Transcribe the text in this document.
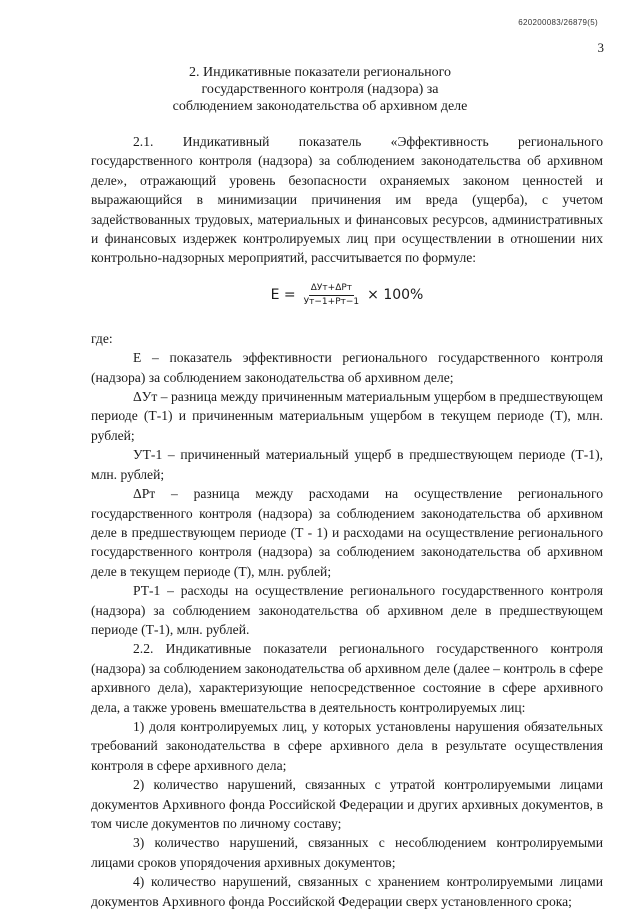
620200083/26879(5)
3
2. Индикативные показатели регионального
государственного контроля (надзора) за
соблюдением законодательства об архивном деле

2.1. Индикативный показатель «Эффективность регионального государственного контроля (надзора) за соблюдением законодательства об архивном деле», отражающий уровень безопасности охраняемых законом ценностей и выражающийся в минимизации причинения им вреда (ущерба), с учетом задействованных трудовых, материальных и финансовых ресурсов, административных и финансовых издержек контролируемых лиц при осуществлении в отношении них контрольно-надзорных мероприятий, рассчитывается по формуле:

$E = \frac{\text{ΔУт+ΔРт}}{Ут-1+Рт-1} \times 100\%$

где:

Е – показатель эффективности регионального государственного контроля (надзора) за соблюдением законодательства об архивном деле;

ΔУт – разница между причиненным материальным ущербом в предшествующем периоде (Т-1) и причиненным материальным ущербом в текущем периоде (Т), млн. рублей;

УТ-1 – причиненный материальный ущерб в предшествующем периоде (Т-1), млн. рублей;

ΔРт – разница между расходами на осуществление регионального государственного контроля (надзора) за соблюдением законодательства об архивном деле в предшествующем периоде (Т - 1) и расходами на осуществление регионального государственного контроля (надзора) за соблюдением законодательства об архивном деле в текущем периоде (Т), млн. рублей;

РТ-1 – расходы на осуществление регионального государственного контроля (надзора) за соблюдением законодательства об архивном деле в предшествующем периоде (Т-1), млн. рублей.

2.2. Индикативные показатели регионального государственного контроля (надзора) за соблюдением законодательства об архивном деле (далее – контроль в сфере архивного дела), характеризующие непосредственное состояние в сфере архивного дела, а также уровень вмешательства в деятельность контролируемых лиц:

1) доля контролируемых лиц, у которых установлены нарушения обязательных требований законодательства в сфере архивного дела в результате осуществления контроля в сфере архивного дела;

2) количество нарушений, связанных с утратой контролируемыми лицами документов Архивного фонда Российской Федерации и других архивных документов, в том числе документов по личному составу;

3) количество нарушений, связанных с несоблюдением контролируемыми лицами сроков упорядочения архивных документов;

4) количество нарушений, связанных с хранением контролируемыми лицами документов Архивного фонда Российской Федерации сверх установленного срока;
